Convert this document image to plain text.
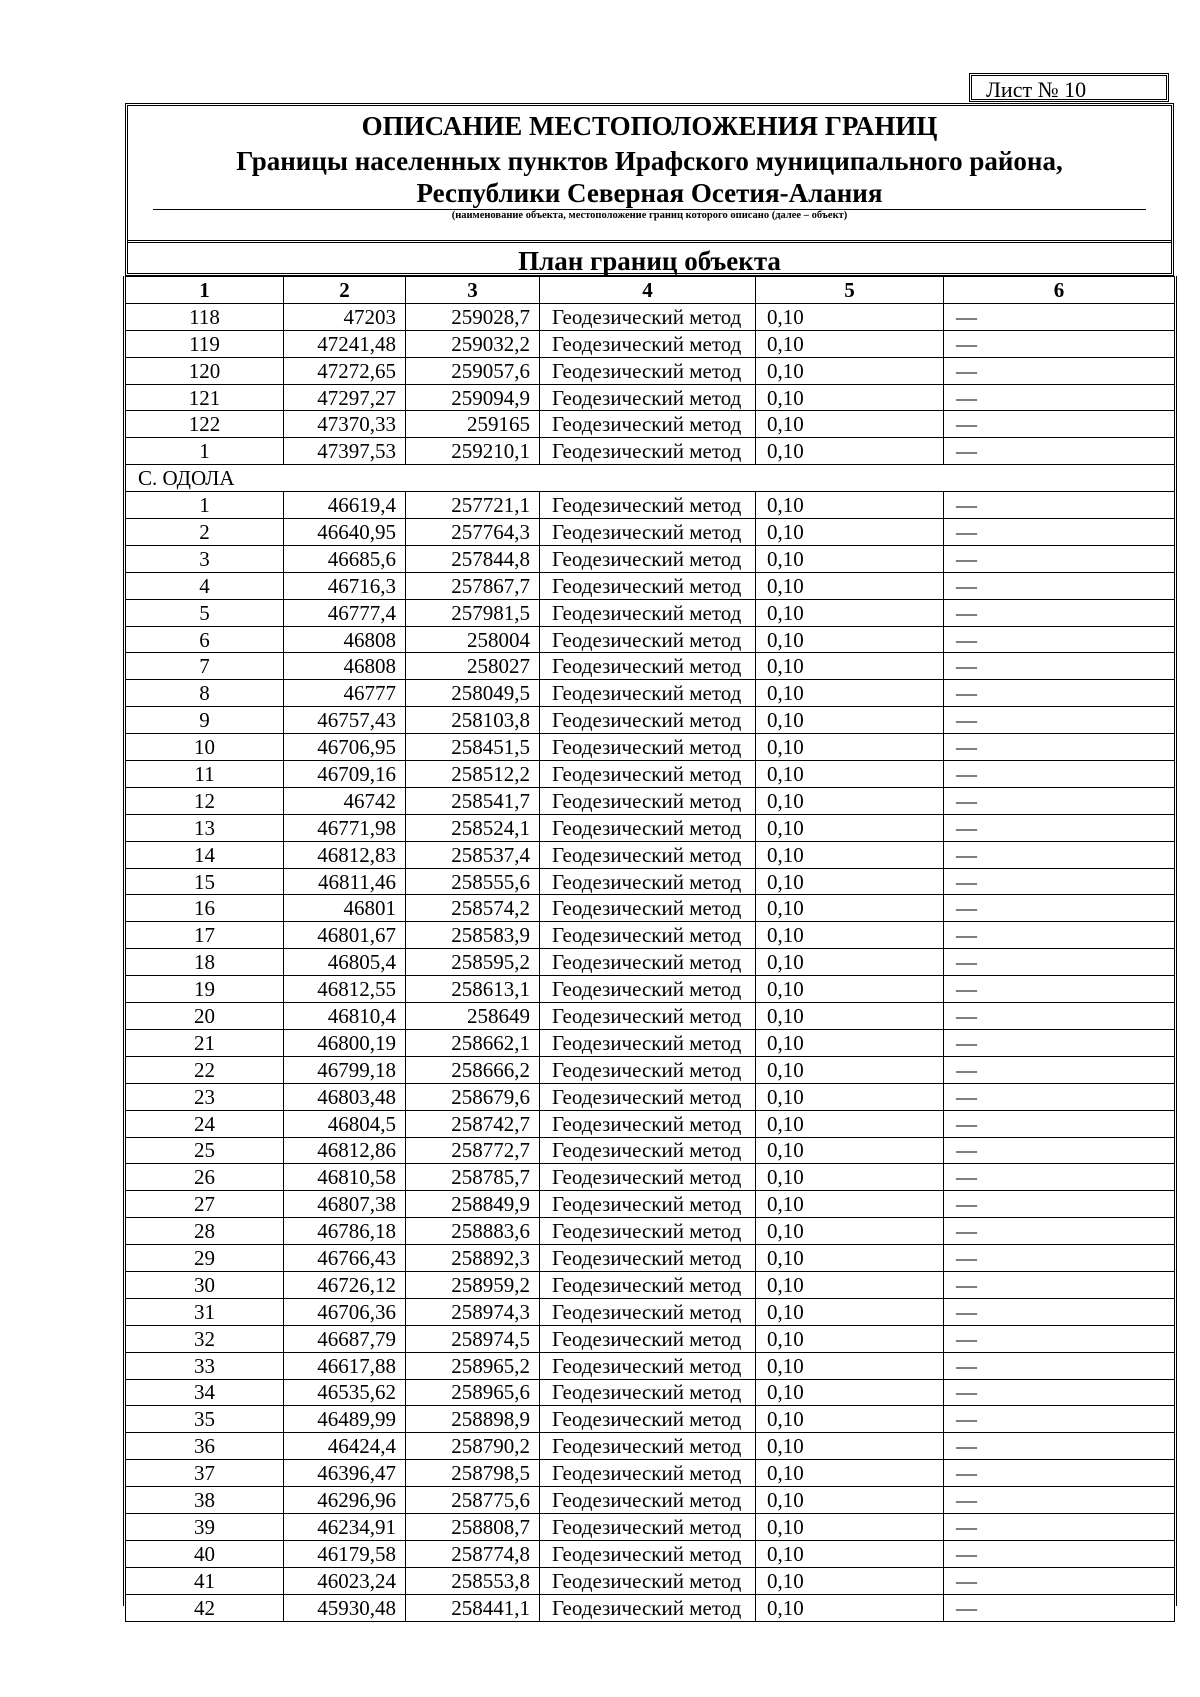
Лист № 10
ОПИСАНИЕ МЕСТОПОЛОЖЕНИЯ ГРАНИЦ
Границы населенных пунктов Ирафского муниципального района,
Республики Северная Осетия-Алания
(наименование объекта, местоположение границ которого описано (далее – объект)
План границ объекта
1	2	3	4	5	6
118	47203	259028,7	Геодезический метод	0,10	—
119	47241,48	259032,2	Геодезический метод	0,10	—
120	47272,65	259057,6	Геодезический метод	0,10	—
121	47297,27	259094,9	Геодезический метод	0,10	—
122	47370,33	259165	Геодезический метод	0,10	—
1	47397,53	259210,1	Геодезический метод	0,10	—
С. ОДОЛА					
1	46619,4	257721,1	Геодезический метод	0,10	—
2	46640,95	257764,3	Геодезический метод	0,10	—
3	46685,6	257844,8	Геодезический метод	0,10	—
4	46716,3	257867,7	Геодезический метод	0,10	—
5	46777,4	257981,5	Геодезический метод	0,10	—
6	46808	258004	Геодезический метод	0,10	—
7	46808	258027	Геодезический метод	0,10	—
8	46777	258049,5	Геодезический метод	0,10	—
9	46757,43	258103,8	Геодезический метод	0,10	—
10	46706,95	258451,5	Геодезический метод	0,10	—
11	46709,16	258512,2	Геодезический метод	0,10	—
12	46742	258541,7	Геодезический метод	0,10	—
13	46771,98	258524,1	Геодезический метод	0,10	—
14	46812,83	258537,4	Геодезический метод	0,10	—
15	46811,46	258555,6	Геодезический метод	0,10	—
16	46801	258574,2	Геодезический метод	0,10	—
17	46801,67	258583,9	Геодезический метод	0,10	—
18	46805,4	258595,2	Геодезический метод	0,10	—
19	46812,55	258613,1	Геодезический метод	0,10	—
20	46810,4	258649	Геодезический метод	0,10	—
21	46800,19	258662,1	Геодезический метод	0,10	—
22	46799,18	258666,2	Геодезический метод	0,10	—
23	46803,48	258679,6	Геодезический метод	0,10	—
24	46804,5	258742,7	Геодезический метод	0,10	—
25	46812,86	258772,7	Геодезический метод	0,10	—
26	46810,58	258785,7	Геодезический метод	0,10	—
27	46807,38	258849,9	Геодезический метод	0,10	—
28	46786,18	258883,6	Геодезический метод	0,10	—
29	46766,43	258892,3	Геодезический метод	0,10	—
30	46726,12	258959,2	Геодезический метод	0,10	—
31	46706,36	258974,3	Геодезический метод	0,10	—
32	46687,79	258974,5	Геодезический метод	0,10	—
33	46617,88	258965,2	Геодезический метод	0,10	—
34	46535,62	258965,6	Геодезический метод	0,10	—
35	46489,99	258898,9	Геодезический метод	0,10	—
36	46424,4	258790,2	Геодезический метод	0,10	—
37	46396,47	258798,5	Геодезический метод	0,10	—
38	46296,96	258775,6	Геодезический метод	0,10	—
39	46234,91	258808,7	Геодезический метод	0,10	—
40	46179,58	258774,8	Геодезический метод	0,10	—
41	46023,24	258553,8	Геодезический метод	0,10	—
42	45930,48	258441,1	Геодезический метод	0,10	—
